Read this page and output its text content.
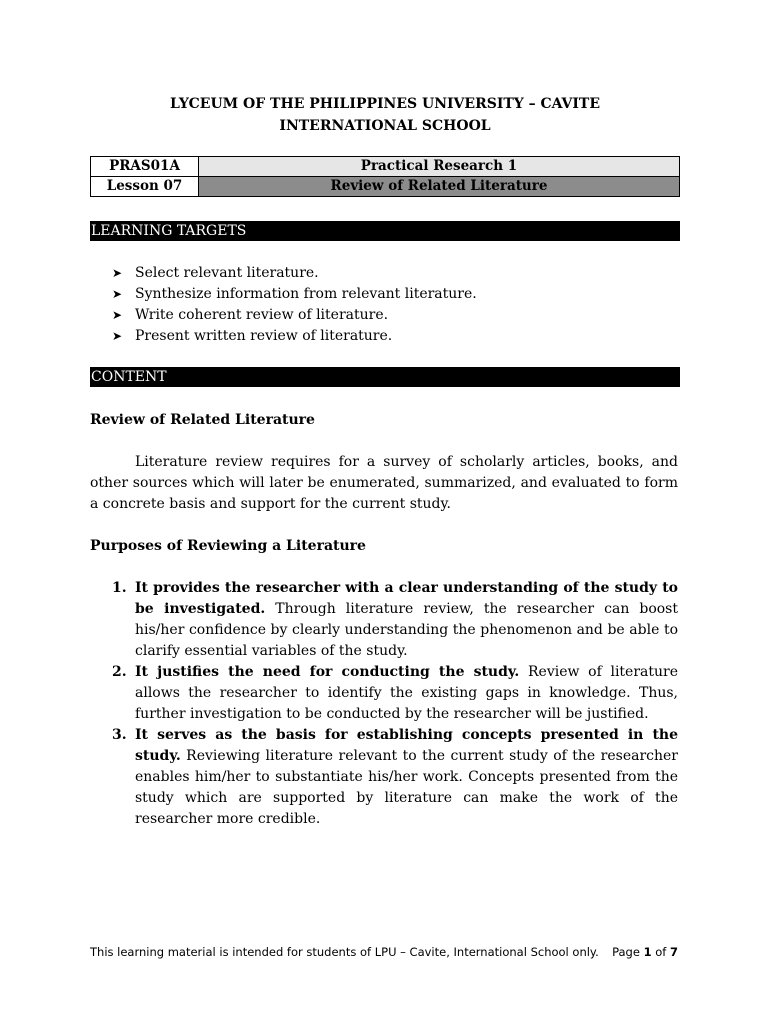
LYCEUM OF THE PHILIPPINES UNIVERSITY – CAVITE
INTERNATIONAL SCHOOL
PRAS01A	Practical Research 1
Lesson 07	Review of Related Literature
LEARNING TARGETS
➤ Select relevant literature.
➤ Synthesize information from relevant literature.
➤ Write coherent review of literature.
➤ Present written review of literature.
CONTENT
Review of Related Literature

Literature review requires for a survey of scholarly articles, books, and other sources which will later be enumerated, summarized, and evaluated to form a concrete basis and support for the current study.

Purposes of Reviewing a Literature
1. It provides the researcher with a clear understanding of the study to be investigated. Through literature review, the researcher can boost his/her confidence by clearly understanding the phenomenon and be able to clarify essential variables of the study.
2. It justifies the need for conducting the study. Review of literature allows the researcher to identify the existing gaps in knowledge. Thus, further investigation to be conducted by the researcher will be justified.
3. It serves as the basis for establishing concepts presented in the study. Reviewing literature relevant to the current study of the researcher enables him/her to substantiate his/her work. Concepts presented from the study which are supported by literature can make the work of the researcher more credible.
This learning material is intended for students of LPU – Cavite, International School only. Page 1 of 7
